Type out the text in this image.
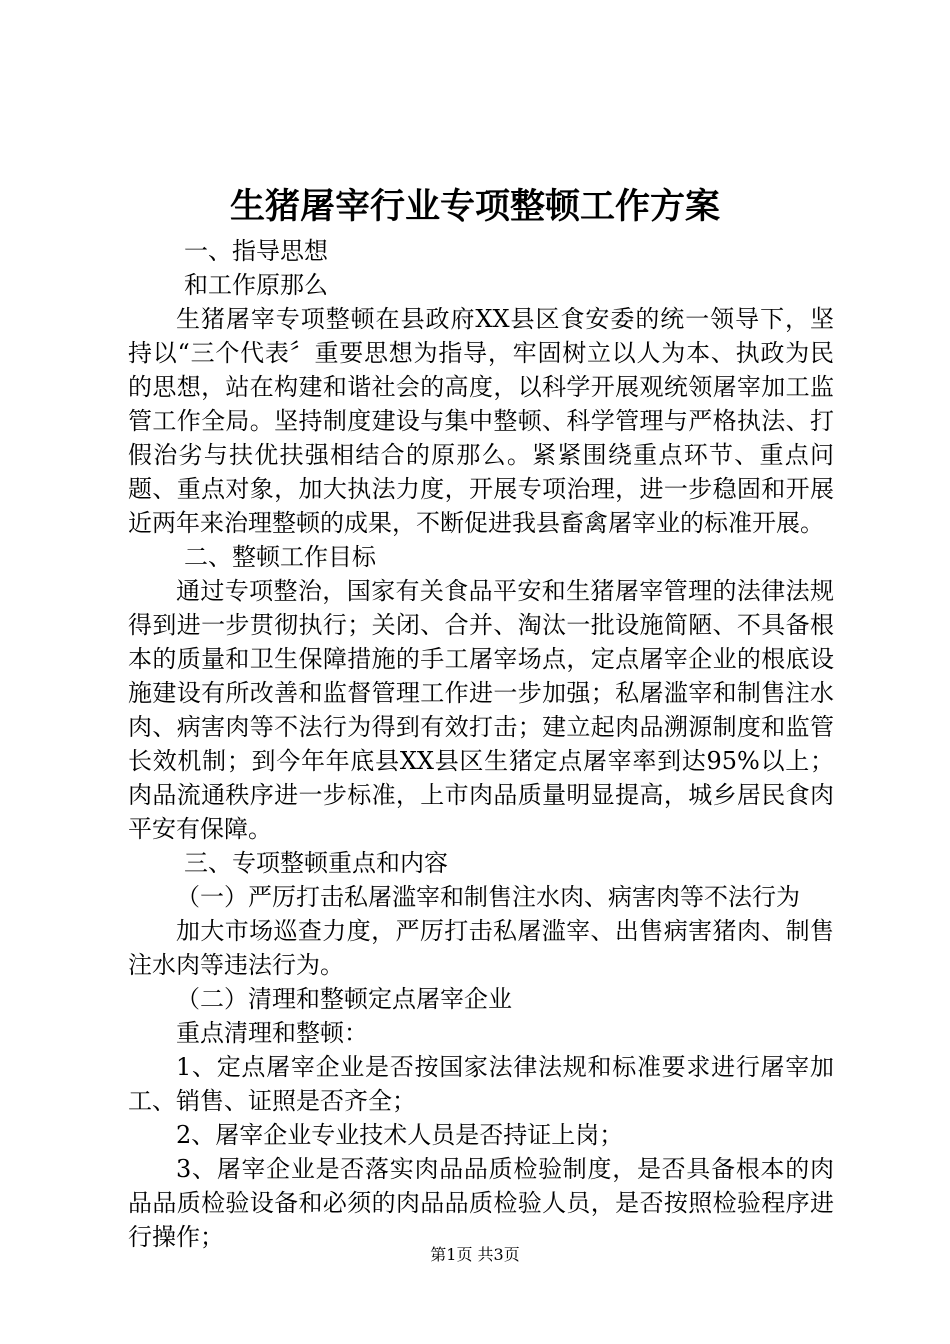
生猪屠宰行业专项整顿工作方案

一、指导思想

和工作原那么

生猪屠宰专项整顿在县政府XX县区食安委的统一领导下，坚持以“三个代表〞重要思想为指导，牢固树立以人为本、执政为民的思想，站在构建和谐社会的高度，以科学开展观统领屠宰加工监管工作全局。坚持制度建设与集中整顿、科学管理与严格执法、打假治劣与扶优扶强相结合的原那么。紧紧围绕重点环节、重点问题、重点对象，加大执法力度，开展专项治理，进一步稳固和开展近两年来治理整顿的成果，不断促进我县畜禽屠宰业的标准开展。

二、整顿工作目标

通过专项整治，国家有关食品平安和生猪屠宰管理的法律法规得到进一步贯彻执行；关闭、合并、淘汰一批设施简陋、不具备根本的质量和卫生保障措施的手工屠宰场点，定点屠宰企业的根底设施建设有所改善和监督管理工作进一步加强；私屠滥宰和制售注水肉、病害肉等不法行为得到有效打击；建立起肉品溯源制度和监管长效机制；到今年年底县XX县区生猪定点屠宰率到达95%以上；肉品流通秩序进一步标准，上市肉品质量明显提高，城乡居民食肉平安有保障。

三、专项整顿重点和内容

（一）严厉打击私屠滥宰和制售注水肉、病害肉等不法行为

加大市场巡查力度，严厉打击私屠滥宰、出售病害猪肉、制售注水肉等违法行为。

（二）清理和整顿定点屠宰企业

重点清理和整顿：

1、定点屠宰企业是否按国家法律法规和标准要求进行屠宰加工、销售、证照是否齐全；

2、屠宰企业专业技术人员是否持证上岗；

3、屠宰企业是否落实肉品品质检验制度，是否具备根本的肉品品质检验设备和必须的肉品品质检验人员，是否按照检验程序进行操作；

第1页 共3页
